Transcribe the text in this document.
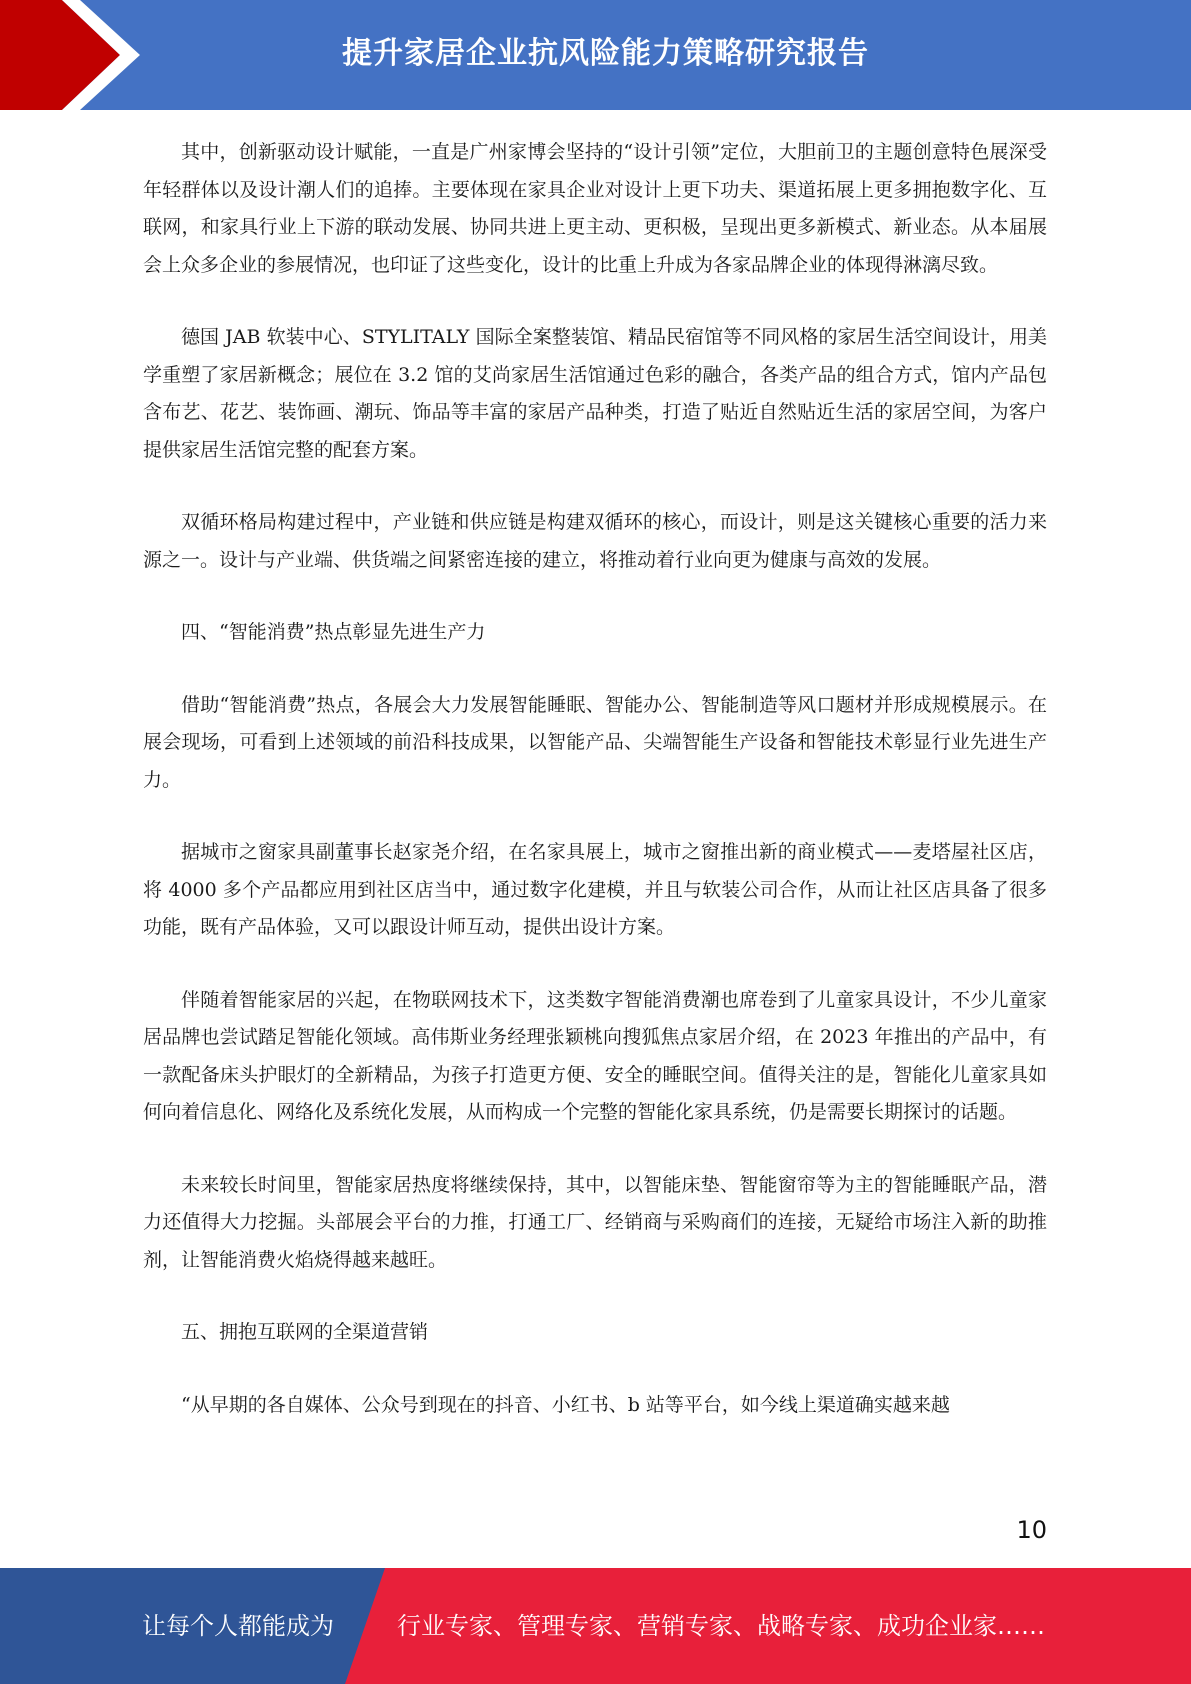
提升家居企业抗风险能力策略研究报告

其中，创新驱动设计赋能，一直是广州家博会坚持的“设计引领”定位，大胆前卫的主题创意特色展深受年轻群体以及设计潮人们的追捧。主要体现在家具企业对设计上更下功夫、渠道拓展上更多拥抱数字化、互联网，和家具行业上下游的联动发展、协同共进上更主动、更积极，呈现出更多新模式、新业态。从本届展会上众多企业的参展情况，也印证了这些变化，设计的比重上升成为各家品牌企业的体现得淋漓尽致。

德国 JAB 软装中心、STYLITALY 国际全案整装馆、精品民宿馆等不同风格的家居生活空间设计，用美学重塑了家居新概念；展位在 3.2 馆的艾尚家居生活馆通过色彩的融合，各类产品的组合方式，馆内产品包含布艺、花艺、装饰画、潮玩、饰品等丰富的家居产品种类，打造了贴近自然贴近生活的家居空间，为客户提供家居生活馆完整的配套方案。

双循环格局构建过程中，产业链和供应链是构建双循环的核心，而设计，则是这关键核心重要的活力来源之一。设计与产业端、供货端之间紧密连接的建立，将推动着行业向更为健康与高效的发展。

四、“智能消费”热点彰显先进生产力

借助“智能消费”热点，各展会大力发展智能睡眠、智能办公、智能制造等风口题材并形成规模展示。在展会现场，可看到上述领域的前沿科技成果，以智能产品、尖端智能生产设备和智能技术彰显行业先进生产力。

据城市之窗家具副董事长赵家尧介绍，在名家具展上，城市之窗推出新的商业模式——麦塔屋社区店，将 4000 多个产品都应用到社区店当中，通过数字化建模，并且与软装公司合作，从而让社区店具备了很多功能，既有产品体验，又可以跟设计师互动，提供出设计方案。

伴随着智能家居的兴起，在物联网技术下，这类数字智能消费潮也席卷到了儿童家具设计，不少儿童家居品牌也尝试踏足智能化领域。高伟斯业务经理张颖桃向搜狐焦点家居介绍，在 2023 年推出的产品中，有一款配备床头护眼灯的全新精品，为孩子打造更方便、安全的睡眠空间。值得关注的是，智能化儿童家具如何向着信息化、网络化及系统化发展，从而构成一个完整的智能化家具系统，仍是需要长期探讨的话题。

未来较长时间里，智能家居热度将继续保持，其中，以智能床垫、智能窗帘等为主的智能睡眠产品，潜力还值得大力挖掘。头部展会平台的力推，打通工厂、经销商与采购商们的连接，无疑给市场注入新的助推剂，让智能消费火焰烧得越来越旺。

五、拥抱互联网的全渠道营销

“从早期的各自媒体、公众号到现在的抖音、小红书、b 站等平台，如今线上渠道确实越来越

10
让每个人都能成为	行业专家、管理专家、营销专家、战略专家、成功企业家……
